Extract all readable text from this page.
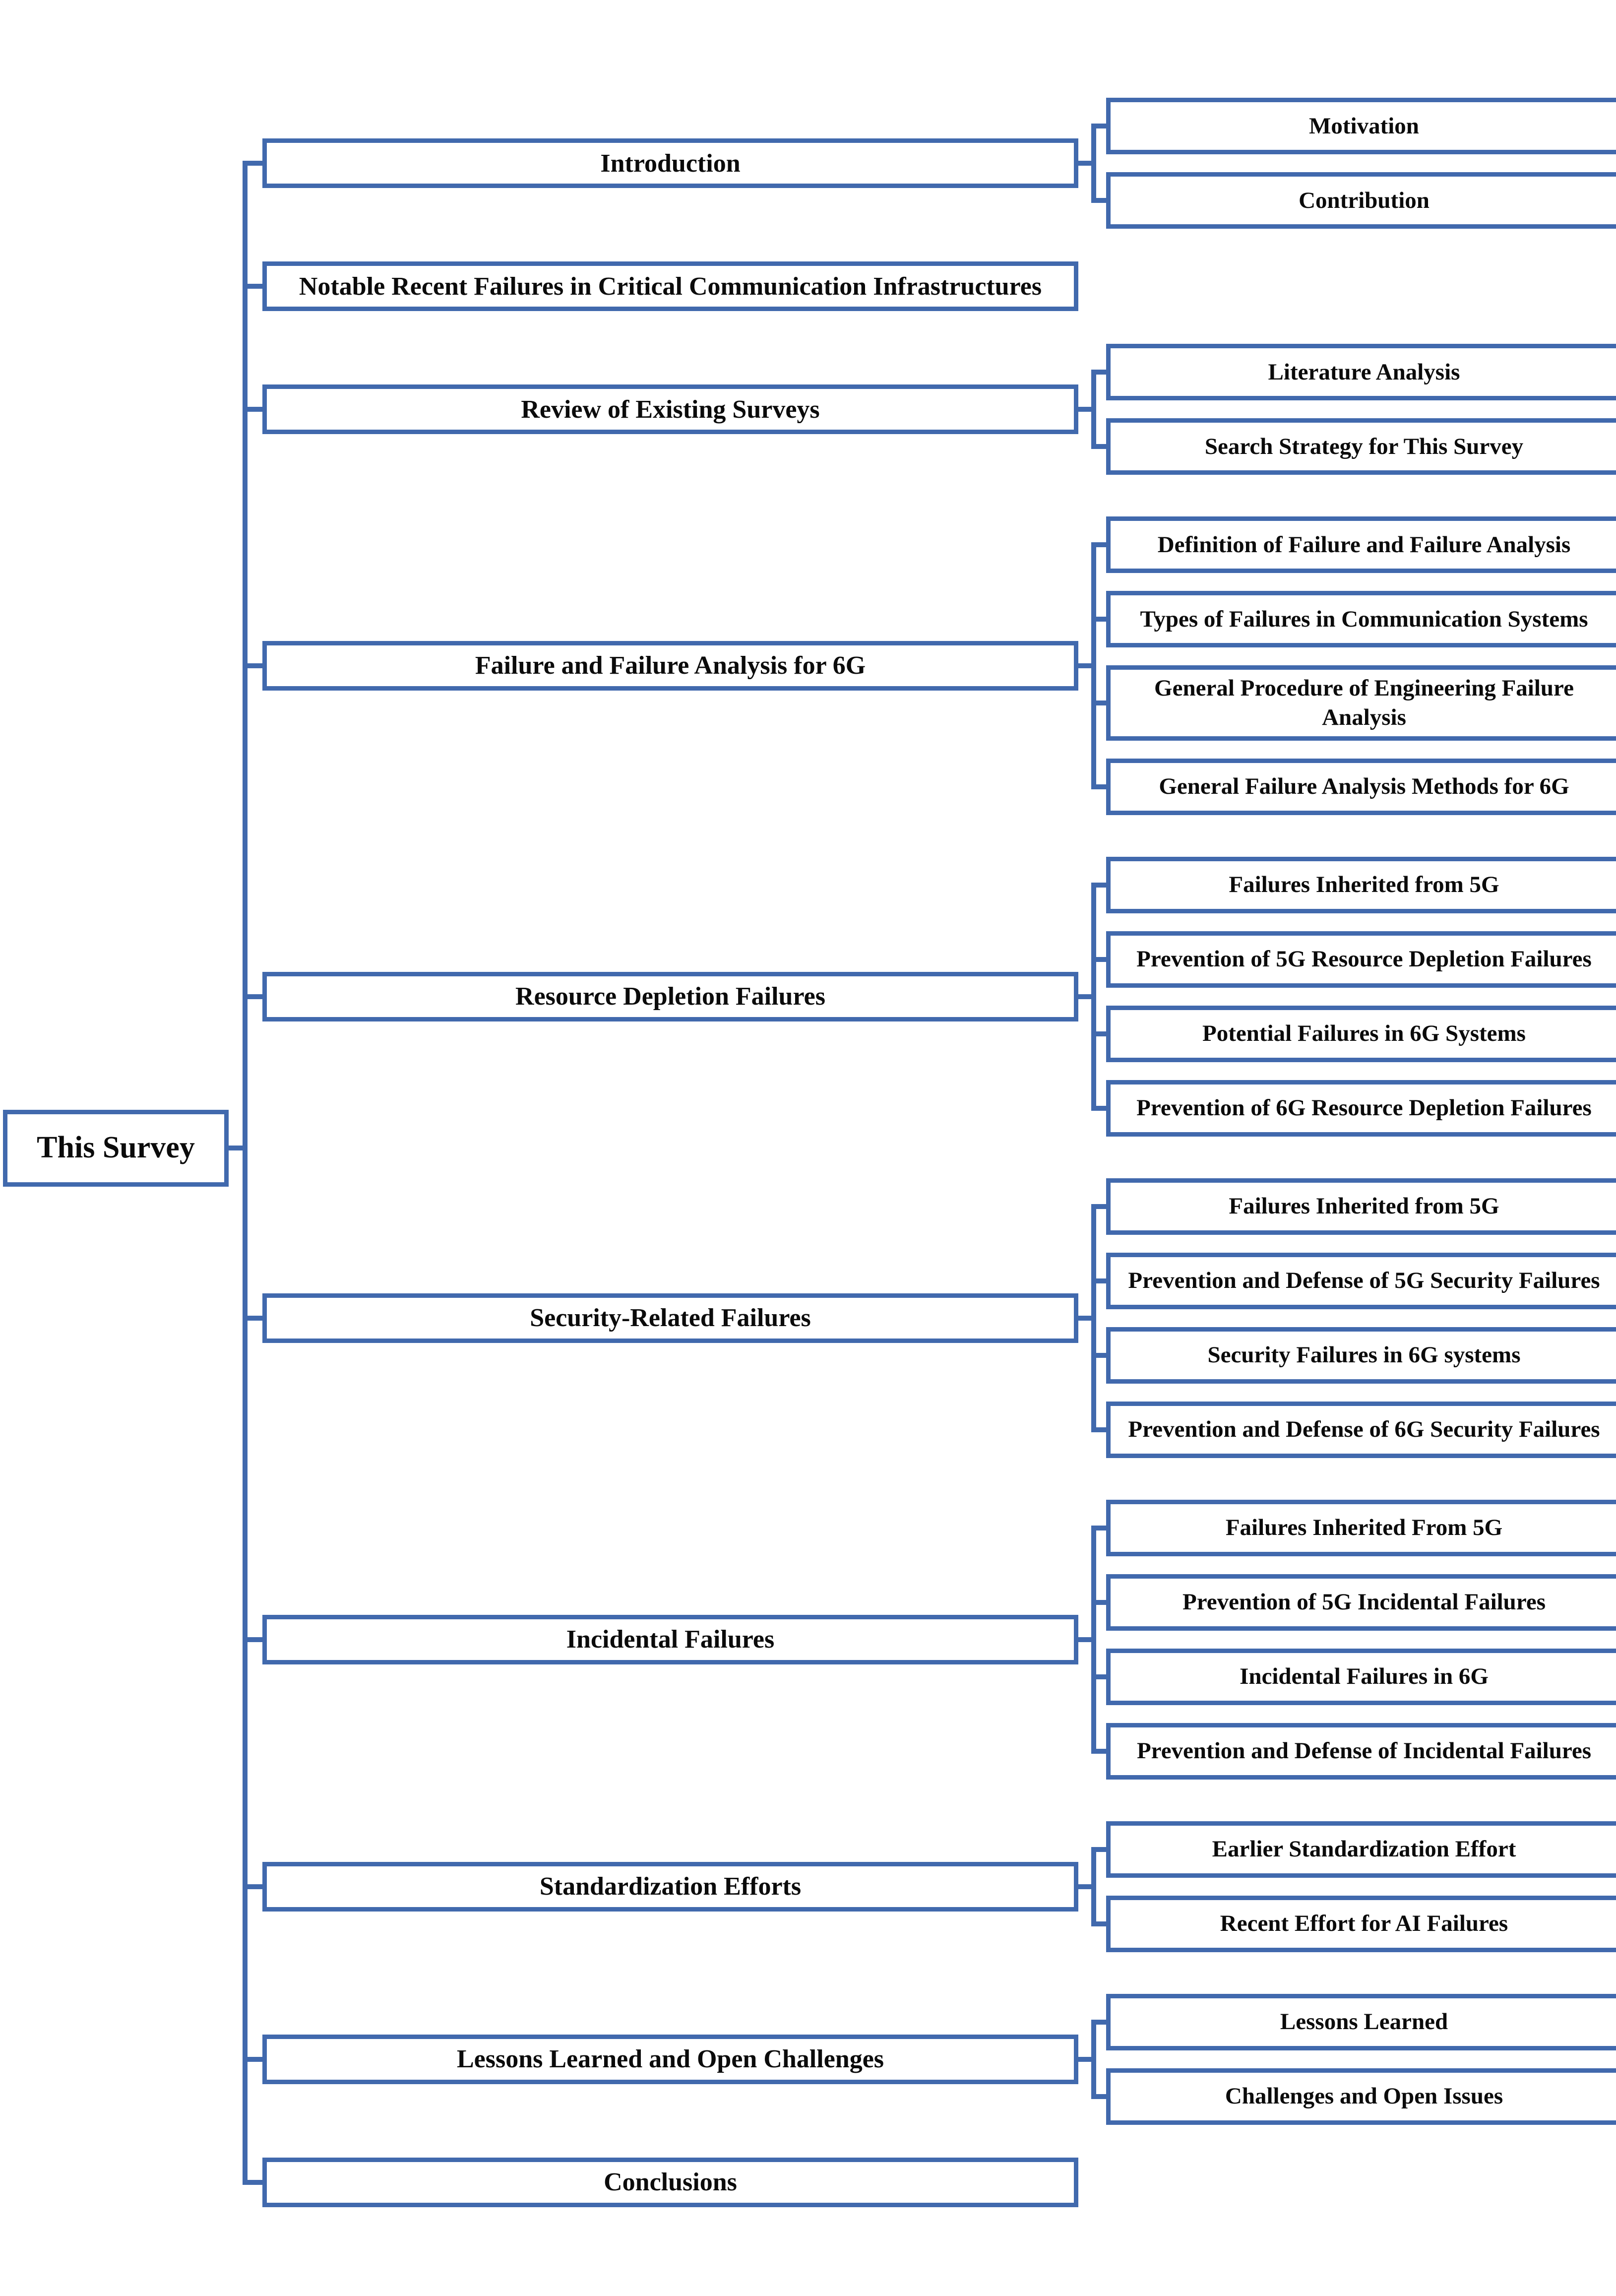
This Survey
Introduction
Motivation
Contribution
Notable Recent Failures in Critical Communication Infrastructures
Review of Existing Surveys
Literature Analysis
Search Strategy for This Survey
Failure and Failure Analysis for 6G
Definition of Failure and Failure Analysis
Types of Failures in Communication Systems
General Procedure of Engineering Failure Analysis
General Failure Analysis Methods for 6G
Resource Depletion Failures
Failures Inherited from 5G
Prevention of 5G Resource Depletion Failures
Potential Failures in 6G Systems
Prevention of 6G Resource Depletion Failures
Security-Related Failures
Failures Inherited from 5G
Prevention and Defense of 5G Security Failures
Security Failures in 6G systems
Prevention and Defense of 6G Security Failures
Incidental Failures
Failures Inherited From 5G
Prevention of 5G Incidental Failures
Incidental Failures in 6G
Prevention and Defense of Incidental Failures
Standardization Efforts
Earlier Standardization Effort
Recent Effort for AI Failures
Lessons Learned and Open Challenges
Lessons Learned
Challenges and Open Issues
Conclusions
